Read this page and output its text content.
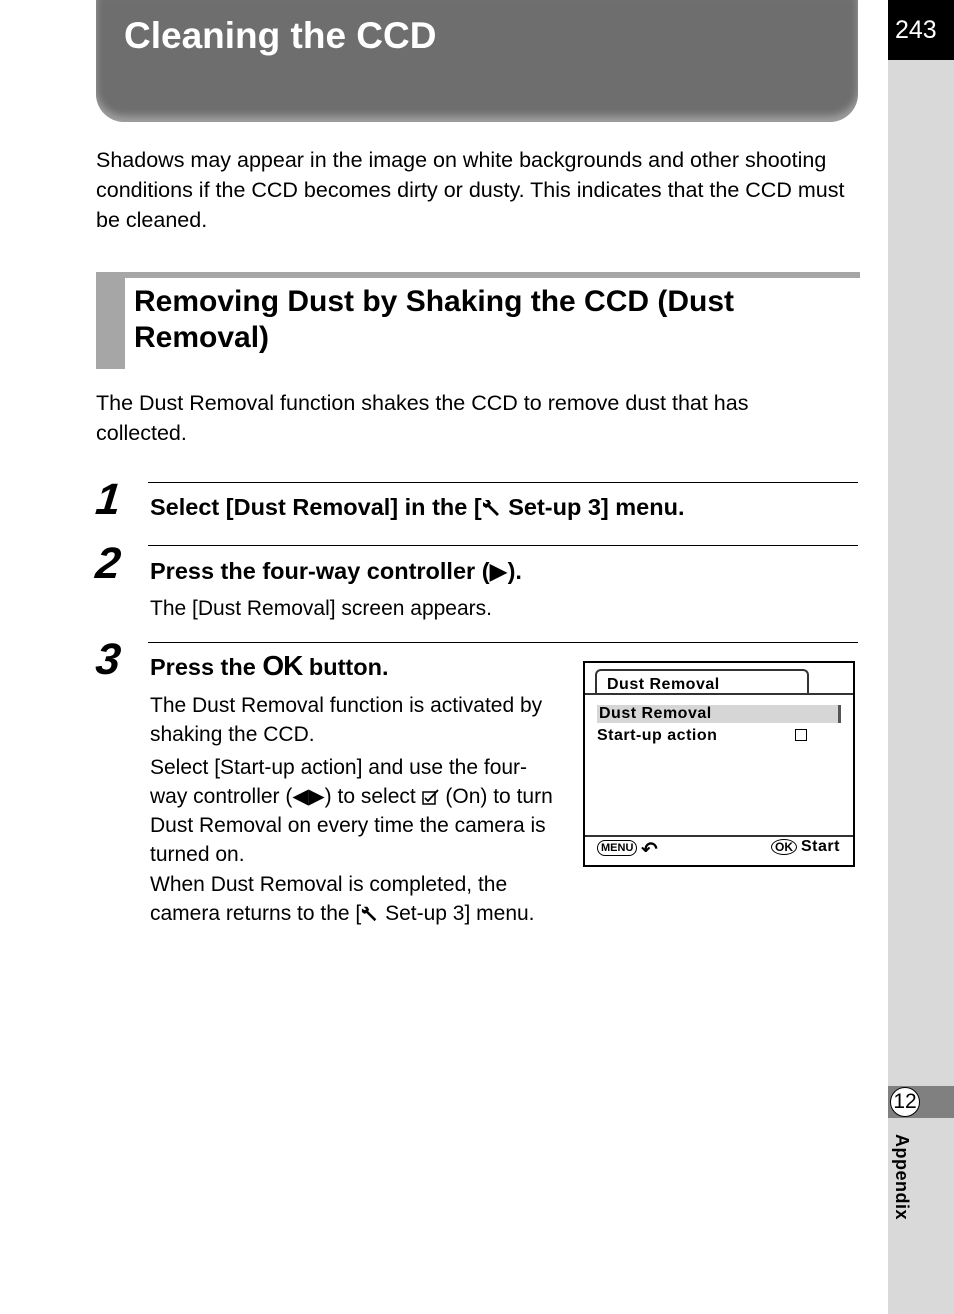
243
12
Appendix
Cleaning the CCD

Shadows may appear in the image on white backgrounds and other shooting conditions if the CCD becomes dirty or dusty. This indicates that the CCD must be cleaned.

Removing Dust by Shaking the CCD (Dust Removal)

The Dust Removal function shakes the CCD to remove dust that has collected.

1 Select [Dust Removal] in the [ Set-up 3] menu.

2 Press the four-way controller (▶).

The [Dust Removal] screen appears.

3 Press the OK button.

The Dust Removal function is activated by shaking the CCD.

Select [Start-up action] and use the four-way controller (◀▶) to select  (On) to turn Dust Removal on every time the camera is turned on.

When Dust Removal is completed, the camera returns to the [ Set-up 3] menu.

Dust Removal
Dust Removal
Start-up action
MENU ↶	OK Start
